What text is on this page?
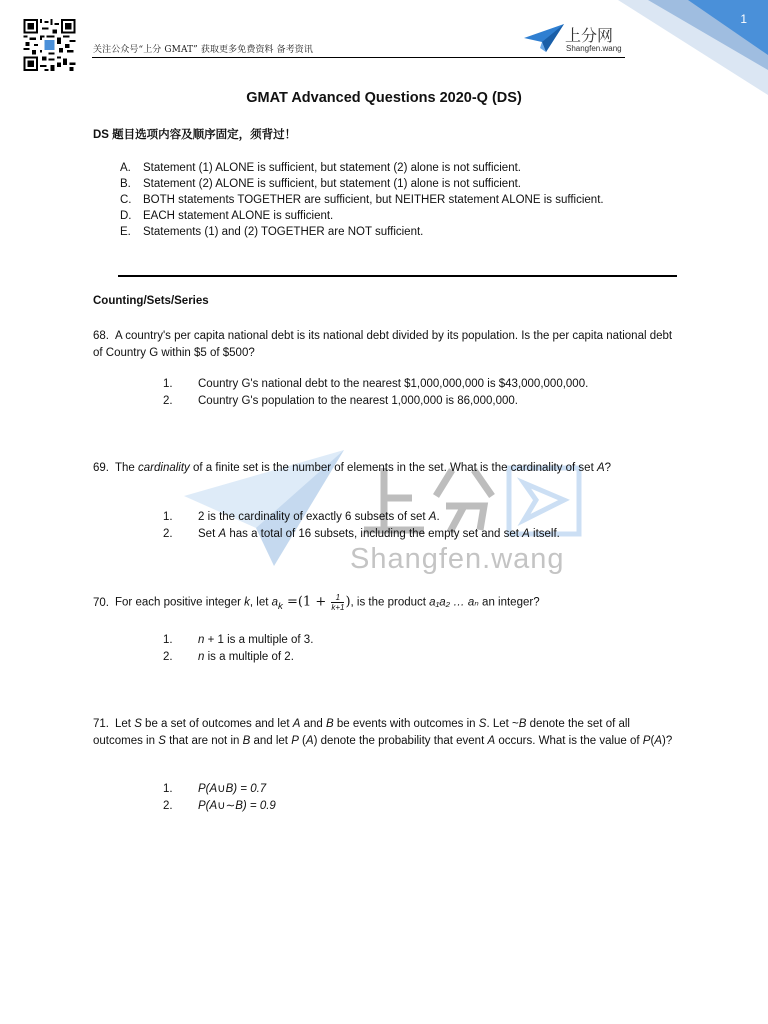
关注公众号“上分 GMAT” 获取更多免费资料 备考资讯
上分网
Shangfen.wang
1
Shangfen.wang
GMAT Advanced Questions 2020-Q (DS)
DS 题目选项内容及顺序固定，须背过！
A.	Statement (1) ALONE is sufficient, but statement (2) alone is not sufficient.
B.	Statement (2) ALONE is sufficient, but statement (1) alone is not sufficient.
C.	BOTH statements TOGETHER are sufficient, but NEITHER statement ALONE is sufficient.
D.	EACH statement ALONE is sufficient.
E.	Statements (1) and (2) TOGETHER are NOT sufficient.
Counting/Sets/Series

68. A country's per capita national debt is its national debt divided by its population. Is the per capita national debt of Country G within $5 of $500?

1.	Country G's national debt to the nearest $1,000,000,000 is $43,000,000,000.
2.	Country G's population to the nearest 1,000,000 is 86,000,000.

69. The cardinality of a finite set is the number of elements in the set. What is the cardinality of set A?

1.	2 is the cardinality of exactly 6 subsets of set A.
2.	Set A has a total of 16 subsets, including the empty set and set A itself.

70. For each positive integer k, let $a_k =(1 + \frac{1}{k+1}$ ), is the product a₁a₂ … aₙ an integer?

1.	n + 1 is a multiple of 3.
2.	n is a multiple of 2.

71. Let S be a set of outcomes and let A and B be events with outcomes in S. Let ~B denote the set of all outcomes in S that are not in B and let P (A) denote the probability that event A occurs. What is the value of P(A)?

1.	P(A∪B) = 0.7
2.	P(A∪∼B) = 0.9
